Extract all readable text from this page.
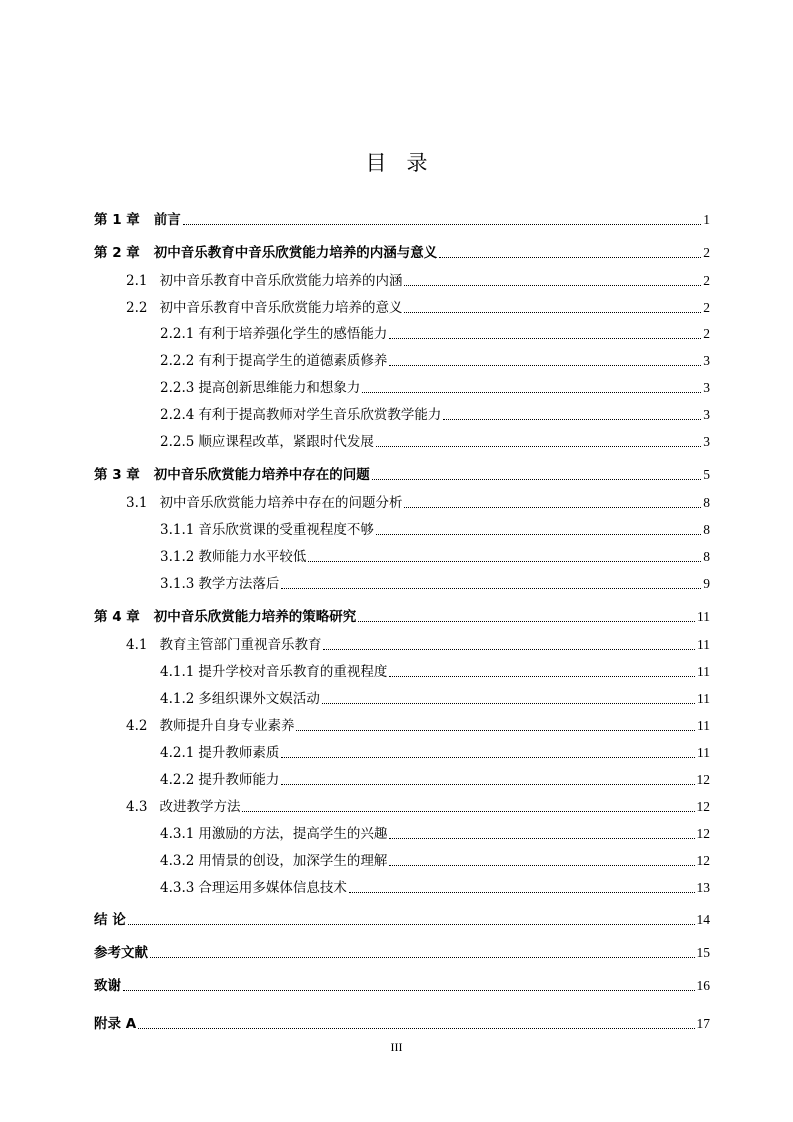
目 录
第 1 章 前言	1
第 2 章 初中音乐教育中音乐欣赏能力培养的内涵与意义	2
2.1 初中音乐教育中音乐欣赏能力培养的内涵	2
2.2 初中音乐教育中音乐欣赏能力培养的意义	2
2.2.1 有利于培养强化学生的感悟能力	2
2.2.2 有利于提高学生的道德素质修养	3
2.2.3 提高创新思维能力和想象力	3
2.2.4 有利于提高教师对学生音乐欣赏教学能力	3
2.2.5 顺应课程改革，紧跟时代发展	3
第 3 章 初中音乐欣赏能力培养中存在的问题	5
3.1 初中音乐欣赏能力培养中存在的问题分析	8
3.1.1 音乐欣赏课的受重视程度不够	8
3.1.2 教师能力水平较低	8
3.1.3 教学方法落后	9
第 4 章 初中音乐欣赏能力培养的策略研究	11
4.1 教育主管部门重视音乐教育	11
4.1.1 提升学校对音乐教育的重视程度	11
4.1.2 多组织课外文娱活动	11
4.2 教师提升自身专业素养	11
4.2.1 提升教师素质	11
4.2.2 提升教师能力	12
4.3 改进教学方法	12
4.3.1 用激励的方法，提高学生的兴趣	12
4.3.2 用情景的创设，加深学生的理解	12
4.3.3 合理运用多媒体信息技术	13
结 论	14
参考文献	15
致谢	16
附录 A	17
III
